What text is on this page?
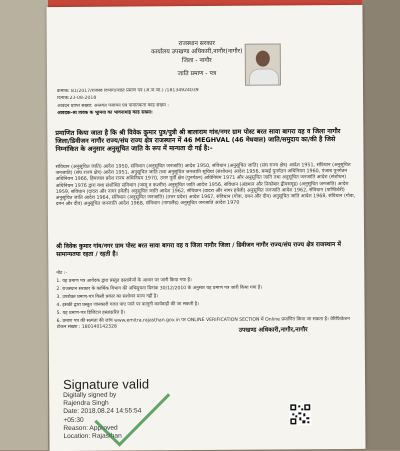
राजस्थान सरकार
कार्यालय उपखण्ड अधिकारी,नागौर(नागौर)
जिला - नागौर
जाति प्रमाण - पत्र
क्रमांक: 81/2017/राजस्व विभाग/जाति प्रमाण पत्र (अ.ज.जा.) /18134924039
दिनांक:23-08-2018
आवेदन प्राप्ति संख्या: अन्तर्गत पंजीयन एवं पावतिकर्ता कार्ड संख्या :
आवेदक-श्री विवेक के भूमिया का भावनाथाई कार्ड संख्या:
प्रमाणित किया जाता है कि श्री विवेक कुमार पुत्र/पुत्री श्री बालाराम गांव/नगर ग्राम पोस्ट बरत सावा बागरा वह व जिला नागौर जिला/डिवीजन नागौर राज्य/संघ राज्य क्षेत्र राजस्थान में 46 MEGHVAL (46 मेघवाल) जाति/समुदाय का/की है जिसे निम्नांकित के अनुसार अनुसूचित जाति के रूप में मान्यता दी गई है:-
संविधान (अनुसूचित जाति) आदेश 1950, संविधान (अनुसूचित जनजाति) आदेश 1950, संविधान (अनुसूचित जाति) (संघ राज्य क्षेत्र) आदेश 1951, संविधान (अनुसूचित जनजाति) (संघ राज्य क्षेत्र) आदेश 1951, अनुसूचित जाति तथा अनुसूचित जनजाति सूचियां (संशोधन) आदेश 1956, बम्बई पुनर्गठन अधिनियम 1960, पंजाब पुनर्गठन अधिनियम 1966, हिमाचल प्रदेश राज्य अधिनियम 1970, उत्तर पूर्वी क्षेत्र (पुनर्गठन) अधिनियम 1971 और अनुसूचित जाति तथा अनुसूचित जनजाति आदेश (संशोधन) अधिनियम 1976 द्वारा यथा संशोधित संविधान (जम्मू व कश्मीर) अनुसूचित जाति आदेश 1956, संविधान (अंडमान और निकोबार द्वीपसमूह) (अनुसूचित जनजाति) आदेश 1959, संविधान (दादरा और नागर हवेली) अनुसूचित जाति आदेश 1962, संविधान (दादरा और नागर हवेली) अनुसूचित जनजाति आदेश 1962, संविधान (पाण्डिचेरी) अनुसूचित जाति आदेश 1964, संविधान (अनुसूचित जनजाति) (उत्तर प्रदेश) आदेश 1967, संविधान (गोवा, दमन और दीव) अनुसूचित जाति आदेश 1968, संविधान (गोवा, दमन और दीव) अनुसूचित जनजाति आदेश 1968, संविधान (नागालैंड) अनुसूचित जनजाति आदेश 1970
श्री विवेक कुमार गांव/नगर ग्राम पोस्ट बरत सावा बागरा वह व जिला नागौर जिला / डिवीजन नागौर राज्य/संघ राज्य क्षेत्र राजस्थान में सामान्यतया रहता / रहती है।
नोट :-
1. यह प्रमाण पत्र आवेदक द्वारा प्रस्तुत दस्तावेजों के आधार पर जारी किया गया है।
2. राजस्थान सरकार के कार्मिक विभाग की अधिसूचना दिनांक 30/12/2010 के अनुसार यह प्रमाण पत्र जारी किया गया है।
3. उपरोक्त प्रमाण-पत्र किसी प्रकार का संशोधन मान्य नहीं है।
4. इसकी द्वारा प्रस्तुत जानकारी गलत पाए जाने पर कानूनी कार्यवाही की जा सकती है।
5. यह प्रमाण-पत्र डिजिटल हस्ताक्षरित है।
6. प्रमाण पत्र की सत्यता की जांच www.emitra.rajasthan.gov.in पर ONLINE VERIFICATION SECTION में Online प्रमाणित किया जा सकता है। वेरिफिकेशन टोकन संख्या : 180140142328	उपखण्ड अधिकारी,नागौर,नागौर
Signature valid
Digitally signed by
Rajendra Singh
Date: 2018.08.24 14:55:54
+05:30
Reason: Approved
Location: Rajasthan
